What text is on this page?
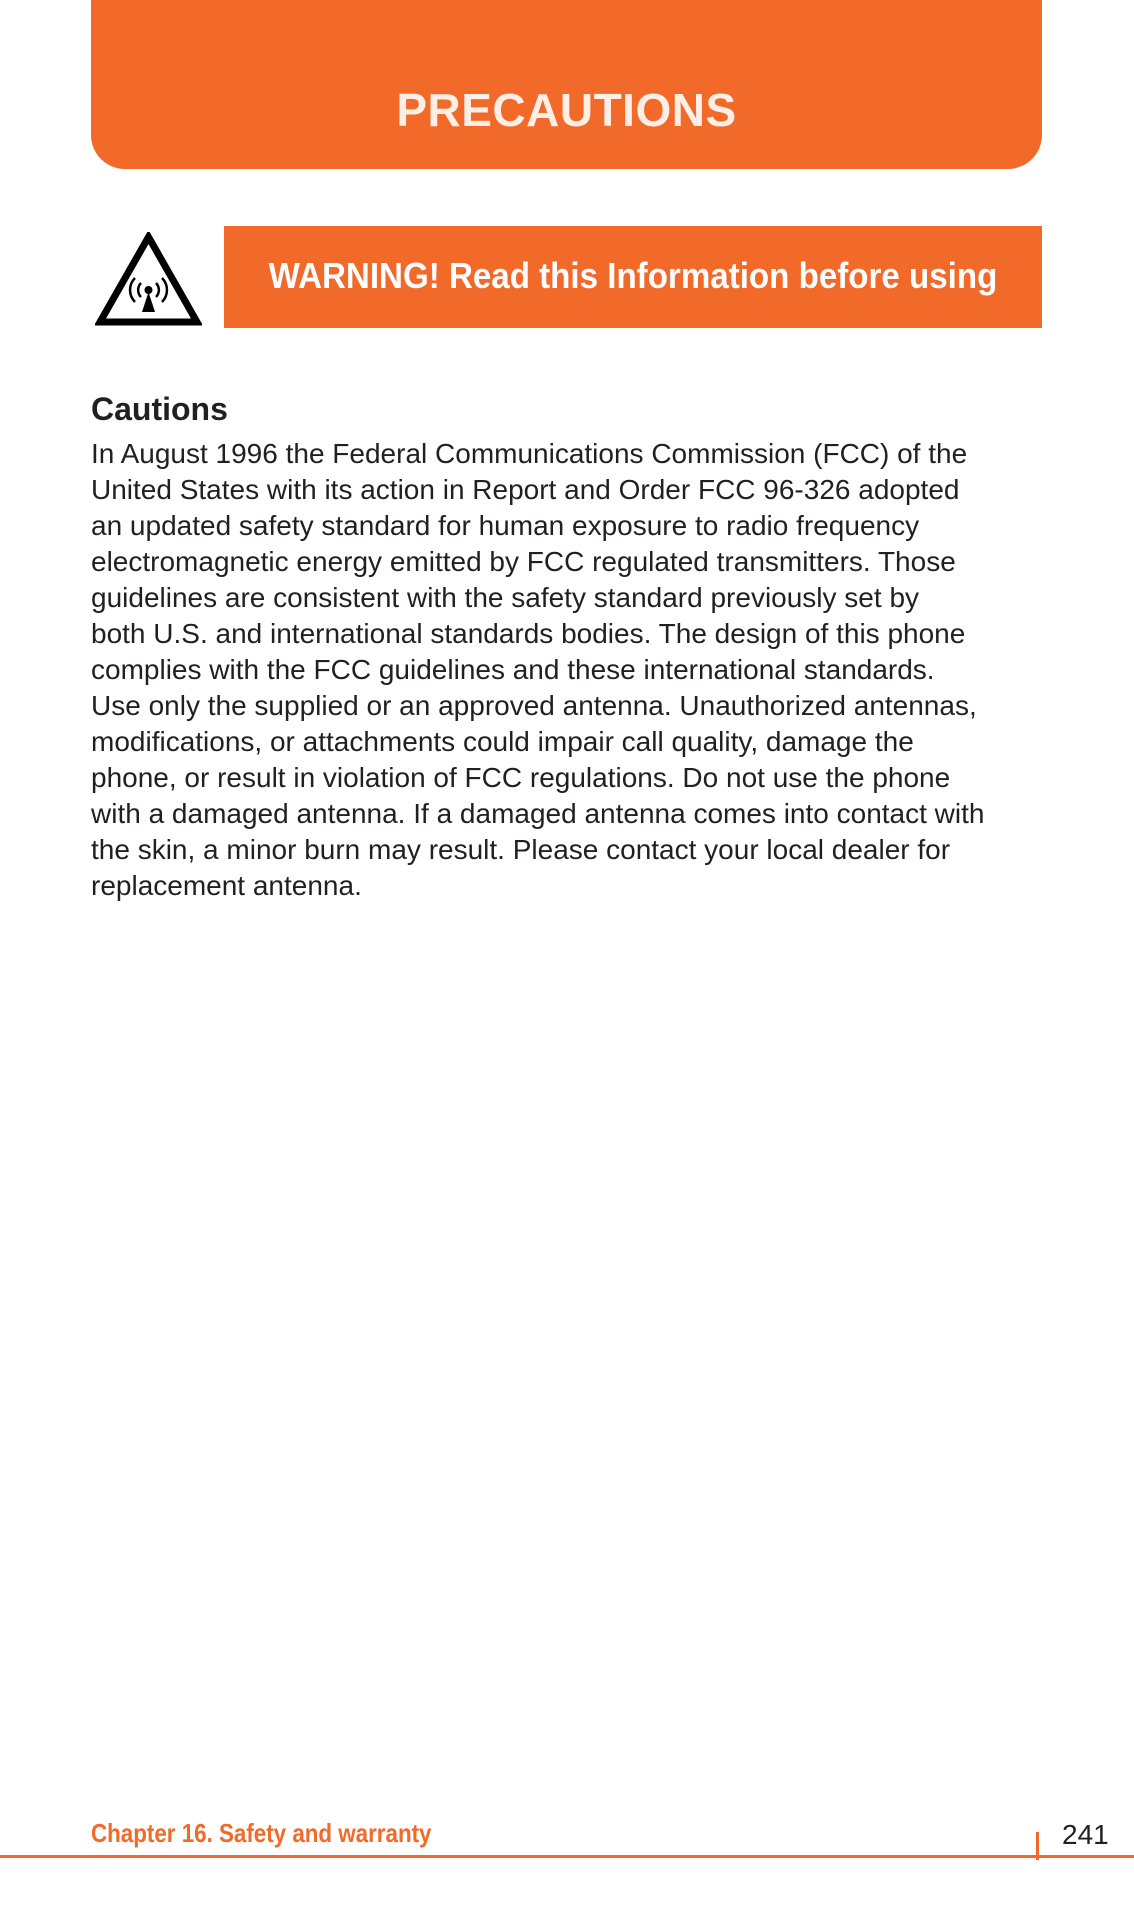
PRECAUTIONS
WARNING! Read this Information before using
Cautions
In August 1996 the Federal Communications Commission (FCC) of the
United States with its action in Report and Order FCC 96-326 adopted
an updated safety standard for human exposure to radio frequency
electromagnetic energy emitted by FCC regulated transmitters. Those
guidelines are consistent with the safety standard previously set by
both U.S. and international standards bodies. The design of this phone
complies with the FCC guidelines and these international standards.
Use only the supplied or an approved antenna. Unauthorized antennas,
modifications, or attachments could impair call quality, damage the
phone, or result in violation of FCC regulations. Do not use the phone
with a damaged antenna. If a damaged antenna comes into contact with
the skin, a minor burn may result. Please contact your local dealer for
replacement antenna.
Chapter 16. Safety and warranty	241
